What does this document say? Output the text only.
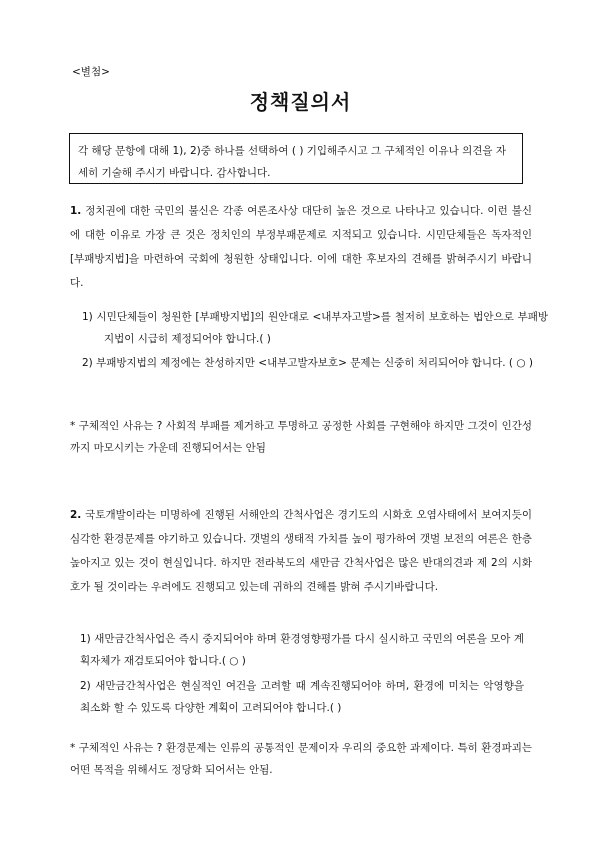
<별첨>
정책질의서
각 해당 문항에 대해 1), 2)중 하나를 선택하여 ( ) 기입해주시고 그 구체적인 이유나 의견을 자세히 기술해 주시기 바랍니다. 감사합니다.
1. 정치권에 대한 국민의 불신은 각종 여론조사상 대단히 높은 것으로 나타나고 있습니다. 이런 불신에 대한 이유로 가장 큰 것은 정치인의 부정부패문제로 지적되고 있습니다. 시민단체들은 독자적인 [부패방지법]을 마련하여 국회에 청원한 상태입니다. 이에 대한 후보자의 견해를 밝혀주시기 바랍니다.
1) 시민단체들이 청원한 [부패방지법]의 원안대로 <내부자고발>를 철저히 보호하는 법안으로 부패방지법이 시급히 제정되어야 합니다.( )
2) 부패방지법의 제정에는 찬성하지만 <내부고발자보호> 문제는 신중히 처리되어야 합니다. ( ○ )
* 구체적인 사유는 ? 사회적 부패를 제거하고 투명하고 공정한 사회를 구현해야 하지만 그것이 인간성까지 마모시키는 가운데 진행되어서는 안됨
2. 국토개발이라는 미명하에 진행된 서해안의 간척사업은 경기도의 시화호 오염사태에서 보여지듯이 심각한 환경문제를 야기하고 있습니다. 갯벌의 생태적 가치를 높이 평가하여 갯벌 보전의 여론은 한층 높아지고 있는 것이 현실입니다. 하지만 전라북도의 새만금 간척사업은 많은 반대의견과 제 2의 시화호가 될 것이라는 우려에도 진행되고 있는데 귀하의 견해를 밝혀 주시기바랍니다.
1) 새만금간척사업은 즉시 중지되어야 하며 환경영향평가를 다시 실시하고 국민의 여론을 모아 계획자체가 재검토되어야 합니다.( ○ )
2) 새만금간척사업은 현실적인 여건을 고려할 때 계속진행되어야 하며, 환경에 미치는 악영향을 최소화 할 수 있도록 다양한 계획이 고려되어야 합니다.( )
* 구체적인 사유는 ? 환경문제는 인류의 공통적인 문제이자 우리의 중요한 과제이다. 특히 환경파괴는 어떤 목적을 위해서도 정당화 되어서는 안됨.
